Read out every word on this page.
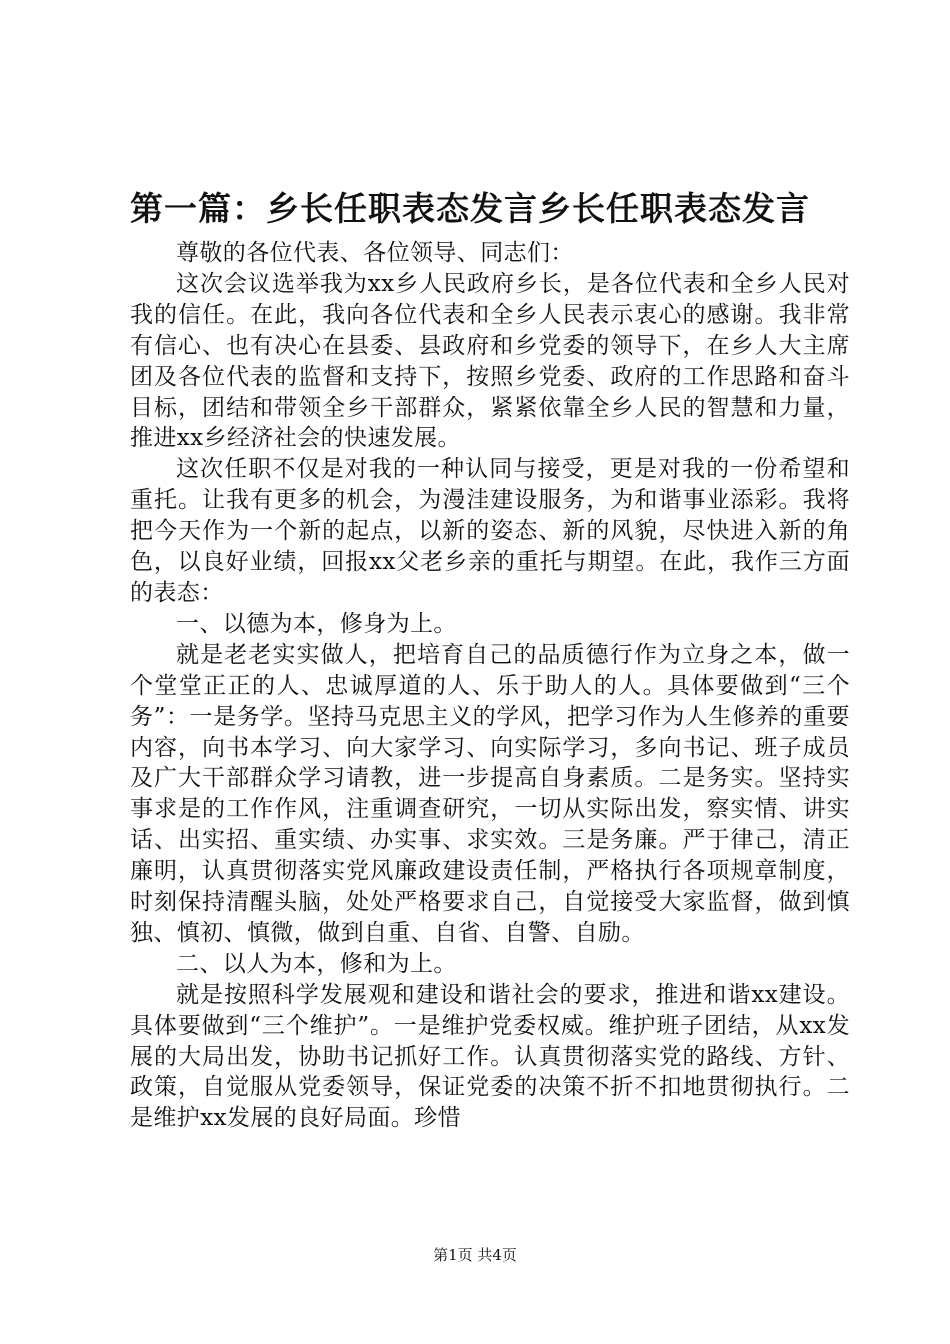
第一篇：乡长任职表态发言乡长任职表态发言

尊敬的各位代表、各位领导、同志们：

这次会议选举我为xx乡人民政府乡长，是各位代表和全乡人民对我的信任。在此，我向各位代表和全乡人民表示衷心的感谢。我非常有信心、也有决心在县委、县政府和乡党委的领导下，在乡人大主席团及各位代表的监督和支持下，按照乡党委、政府的工作思路和奋斗目标，团结和带领全乡干部群众，紧紧依靠全乡人民的智慧和力量，推进xx乡经济社会的快速发展。

这次任职不仅是对我的一种认同与接受，更是对我的一份希望和重托。让我有更多的机会，为漫洼建设服务，为和谐事业添彩。我将把今天作为一个新的起点，以新的姿态、新的风貌，尽快进入新的角色，以良好业绩，回报xx父老乡亲的重托与期望。在此，我作三方面的表态：

一、以德为本，修身为上。

就是老老实实做人，把培育自己的品质德行作为立身之本，做一个堂堂正正的人、忠诚厚道的人、乐于助人的人。具体要做到“三个务”：一是务学。坚持马克思主义的学风，把学习作为人生修养的重要内容，向书本学习、向大家学习、向实际学习，多向书记、班子成员及广大干部群众学习请教，进一步提高自身素质。二是务实。坚持实事求是的工作作风，注重调查研究，一切从实际出发，察实情、讲实话、出实招、重实绩、办实事、求实效。三是务廉。严于律己，清正廉明，认真贯彻落实党风廉政建设责任制，严格执行各项规章制度，时刻保持清醒头脑，处处严格要求自己，自觉接受大家监督，做到慎独、慎初、慎微，做到自重、自省、自警、自励。

二、以人为本，修和为上。

就是按照科学发展观和建设和谐社会的要求，推进和谐xx建设。具体要做到“三个维护”。一是维护党委权威。维护班子团结，从xx发展的大局出发，协助书记抓好工作。认真贯彻落实党的路线、方针、政策，自觉服从党委领导，保证党委的决策不折不扣地贯彻执行。二是维护xx发展的良好局面。珍惜

第1页 共4页
